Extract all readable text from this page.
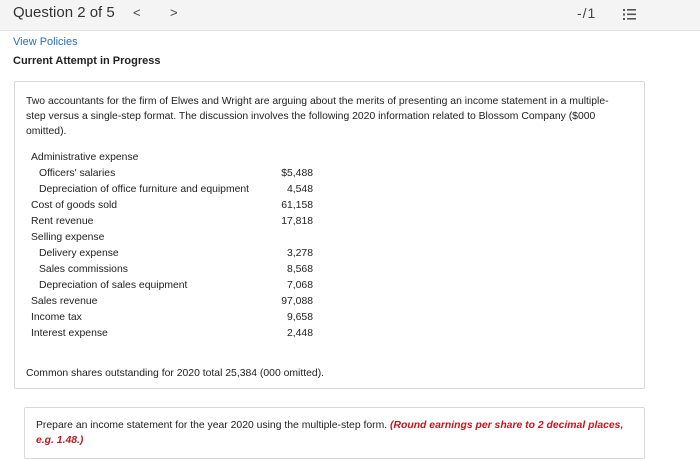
Question 2 of 5 < >	-/1
View Policies
Current Attempt in Progress
Two accountants for the firm of Elwes and Wright are arguing about the merits of presenting an income statement in a multiple-step versus a single-step format. The discussion involves the following 2020 information related to Blossom Company ($000 omitted).
Administrative expense
Officers' salaries	$5,488
Depreciation of office furniture and equipment	4,548
Cost of goods sold	61,158
Rent revenue	17,818
Selling expense
Delivery expense	3,278
Sales commissions	8,568
Depreciation of sales equipment	7,068
Sales revenue	97,088
Income tax	9,658
Interest expense	2,448
Common shares outstanding for 2020 total 25,384 (000 omitted).
Prepare an income statement for the year 2020 using the multiple-step form. (Round earnings per share to 2 decimal places, e.g. 1.48.)
